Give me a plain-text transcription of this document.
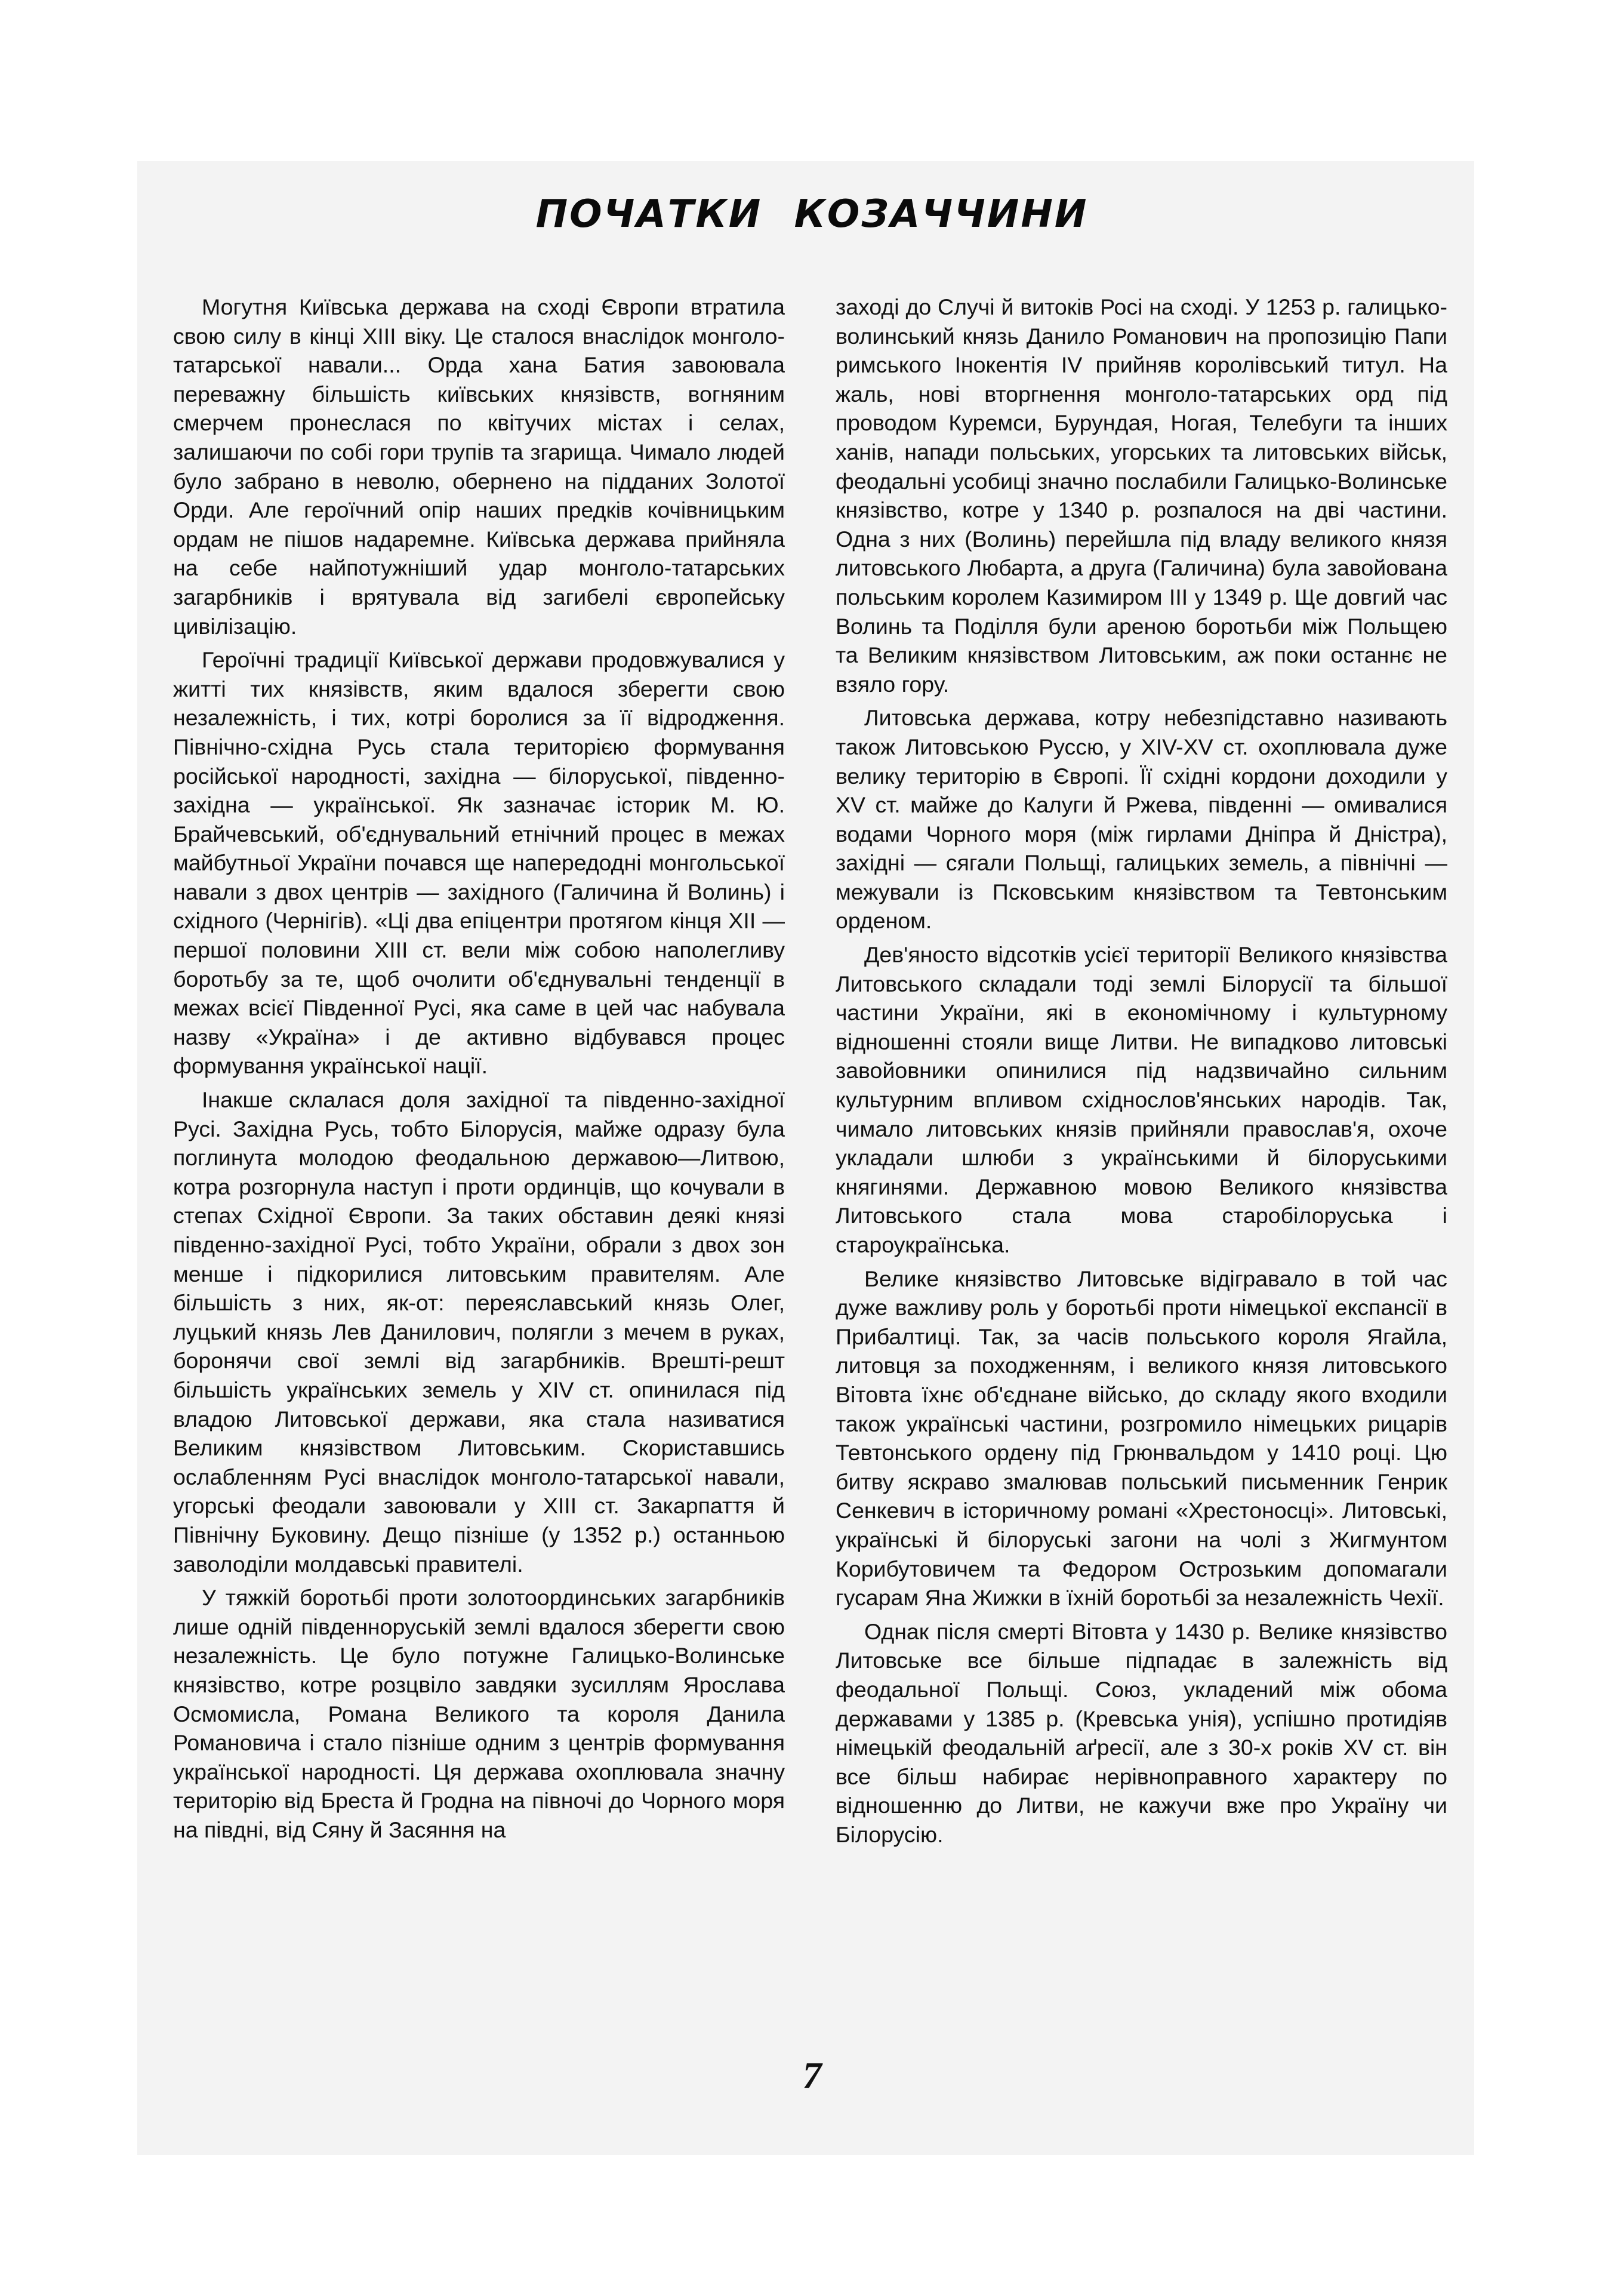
ПОЧАТКИ КОЗАЧЧИНИ

Могутня Київська держава на сході Європи втратила свою силу в кінці XIII віку. Це сталося внаслідок монголо-татарської навали... Орда хана Батия завоювала переважну більшість київських князівств, вогняним смерчем пронеслася по квітучих містах і селах, залишаючи по собі гори трупів та згарища. Чимало людей було забрано в неволю, обернено на підданих Золотої Орди. Але героїчний опір наших предків кочівницьким ордам не пішов надаремне. Київська держава прийняла на себе найпотужніший удар монголо-татарських загарбників і врятувала від загибелі європейську цивілізацію.

Героїчні традиції Київської держави продовжувалися у житті тих князівств, яким вдалося зберегти свою незалежність, і тих, котрі боролися за її відродження. Північно-східна Русь стала територією формування російської народності, західна — білоруської, південно-західна — української. Як зазначає історик М. Ю. Брайчевський, об'єднувальний етнічний процес в межах майбутньої України почався ще напередодні монгольської навали з двох центрів — західного (Галичина й Волинь) і східного (Чернігів). «Ці два епіцентри протягом кінця XII — першої половини XIII ст. вели між собою наполегливу боротьбу за те, щоб очолити об'єднувальні тенденції в межах всієї Південної Русі, яка саме в цей час набувала назву «Україна» і де активно відбувався процес формування української нації.

Інакше склалася доля західної та південно-західної Русі. Західна Русь, тобто Білорусія, майже одразу була поглинута молодою феодальною державою—Литвою, котра розгорнула наступ і проти ординців, що кочували в степах Східної Європи. За таких обставин деякі князі південно-західної Русі, тобто України, обрали з двох зон менше і підкорилися литовським правителям. Але більшість з них, як-от: переяславський князь Олег, луцький князь Лев Данилович, полягли з мечем в руках, боронячи свої землі від загарбників. Врешті-решт більшість українських земель у XIV ст. опинилася під владою Литовської держави, яка стала називатися Великим князівством Литовським. Скориставшись ослабленням Русі внаслідок монголо-татарської навали, угорські феодали завоювали у XIII ст. Закарпаття й Північну Буковину. Дещо пізніше (у 1352 р.) останньою заволоділи молдавські правителі.

У тяжкій боротьбі проти золотоординських загарбників лише одній південноруській землі вдалося зберегти свою незалежність. Це було потужне Галицько-Волинське князівство, котре розцвіло завдяки зусиллям Ярослава Осмомисла, Романа Великого та короля Данила Романовича і стало пізніше одним з центрів формування української народності. Ця держава охоплювала значну територію від Бреста й Гродна на півночі до Чорного моря на півдні, від Сяну й Засяння на

заході до Случі й витоків Росі на сході. У 1253 р. галицько-волинський князь Данило Романович на пропозицію Папи римського Інокентія IV прийняв королівський титул. На жаль, нові вторгнення монголо-татарських орд під проводом Куремси, Бурундая, Ногая, Телебуги та інших ханів, напади польських, угорських та литовських військ, феодальні усобиці значно послабили Галицько-Волинське князівство, котре у 1340 р. розпалося на дві частини. Одна з них (Волинь) перейшла під владу великого князя литовського Любарта, а друга (Галичина) була завойована польським королем Казимиром III у 1349 р. Ще довгий час Волинь та Поділля були ареною боротьби між Польщею та Великим князівством Литовським, аж поки останнє не взяло гору.

Литовська держава, котру небезпідставно називають також Литовською Руссю, у XIV-XV ст. охоплювала дуже велику територію в Європі. Її східні кордони доходили у XV ст. майже до Калуги й Ржева, південні — омивалися водами Чорного моря (між гирлами Дніпра й Дністра), західні — сягали Польщі, галицьких земель, а північні — межували із Псковським князівством та Тевтонським орденом.

Дев'яносто відсотків усієї території Великого князівства Литовського складали тоді землі Білорусії та більшої частини України, які в економічному і культурному відношенні стояли вище Литви. Не випадково литовські завойовники опинилися під надзвичайно сильним культурним впливом східнослов'янських народів. Так, чимало литовських князів прийняли православ'я, охоче укладали шлюби з українськими й білоруськими княгинями. Державною мовою Великого князівства Литовського стала мова старобілоруська і староукраїнська.

Велике князівство Литовське відігравало в той час дуже важливу роль у боротьбі проти німецької експансії в Прибалтиці. Так, за часів польського короля Ягайла, литовця за походженням, і великого князя литовського Вітовта їхнє об'єднане військо, до складу якого входили також українські частини, розгромило німецьких рицарів Тевтонського ордену під Грюнвальдом у 1410 році. Цю битву яскраво змалював польський письменник Генрик Сенкевич в історичному романі «Хрестоносці». Литовські, українські й білоруські загони на чолі з Жигмунтом Корибутовичем та Федором Острозьким допомагали гусарам Яна Жижки в їхній боротьбі за незалежність Чехії.

Однак після смерті Вітовта у 1430 р. Велике князівство Литовське все більше підпадає в залежність від феодальної Польщі. Союз, укладений між обома державами у 1385 р. (Кревська унія), успішно протидіяв німецькій феодальній аґресії, але з 30-х років XV ст. він все більш набирає нерівноправного характеру по відношенню до Литви, не кажучи вже про Україну чи Білорусію.

7
